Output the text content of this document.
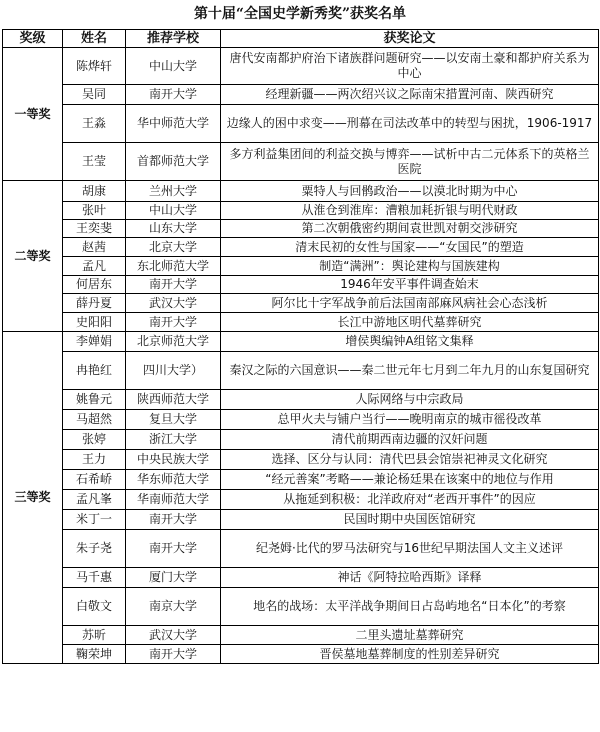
第十届“全国史学新秀奖”获奖名单
奖级	姓名	推荐学校	获奖论文
一等奖	陈烨轩	中山大学	唐代安南都护府治下诸族群问题研究——以安南土豪和都护府关系为中心
	吴同	南开大学	经理新疆——两次绍兴议之际南宋措置河南、陕西研究
	王淼	华中师范大学	边缘人的困中求变——刑幕在司法改革中的转型与困扰，1906-1917
	王莹	首都师范大学	多方利益集团间的利益交换与博弈——试析中古二元体系下的英格兰医院
二等奖	胡康	兰州大学	粟特人与回鹘政治——以漠北时期为中心
	张叶	中山大学	从淮仓到淮库：漕粮加耗折银与明代财政
	王奕斐	山东大学	第二次朝俄密约期间袁世凯对朝交涉研究
	赵茜	北京大学	清末民初的女性与国家——“女国民”的塑造
	孟凡	东北师范大学	制造“满洲”：舆论建构与国族建构
	何居东	南开大学	1946年安平事件调查始末
	薛丹夏	武汉大学	阿尔比十字军战争前后法国南部麻风病社会心态浅析
	史阳阳	南开大学	长江中游地区明代墓葬研究
三等奖	李婵娟	北京师范大学	增侯舆编钟A组铭文集释
	冉艳红	四川大学）	秦汉之际的六国意识——秦二世元年七月到二年九月的山东复国研究
	姚鲁元	陕西师范大学	人际网络与中宗政局
	马超然	复旦大学	总甲火夫与铺户当行——晚明南京的城市徭役改革
	张婷	浙江大学	清代前期西南边疆的汉奸问题
	王力	中央民族大学	选择、区分与认同：清代巴县会馆崇祀神灵文化研究
	石希峤	华东师范大学	“经元善案”考略——兼论杨廷果在该案中的地位与作用
	孟凡峯	华南师范大学	从拖延到积极：北洋政府对“老西开事件”的因应
	米丁一	南开大学	民国时期中央国医馆研究
	朱子尧	南开大学	纪尧姆·比代的罗马法研究与16世纪早期法国人文主义述评
	马千惠	厦门大学	神话《阿特拉哈西斯》译释
	白敬文	南京大学	地名的战场：太平洋战争期间日占岛屿地名“日本化”的考察
	苏昕	武汉大学	二里头遗址墓葬研究
	鞠荣坤	南开大学	晋侯墓地墓葬制度的性别差异研究
